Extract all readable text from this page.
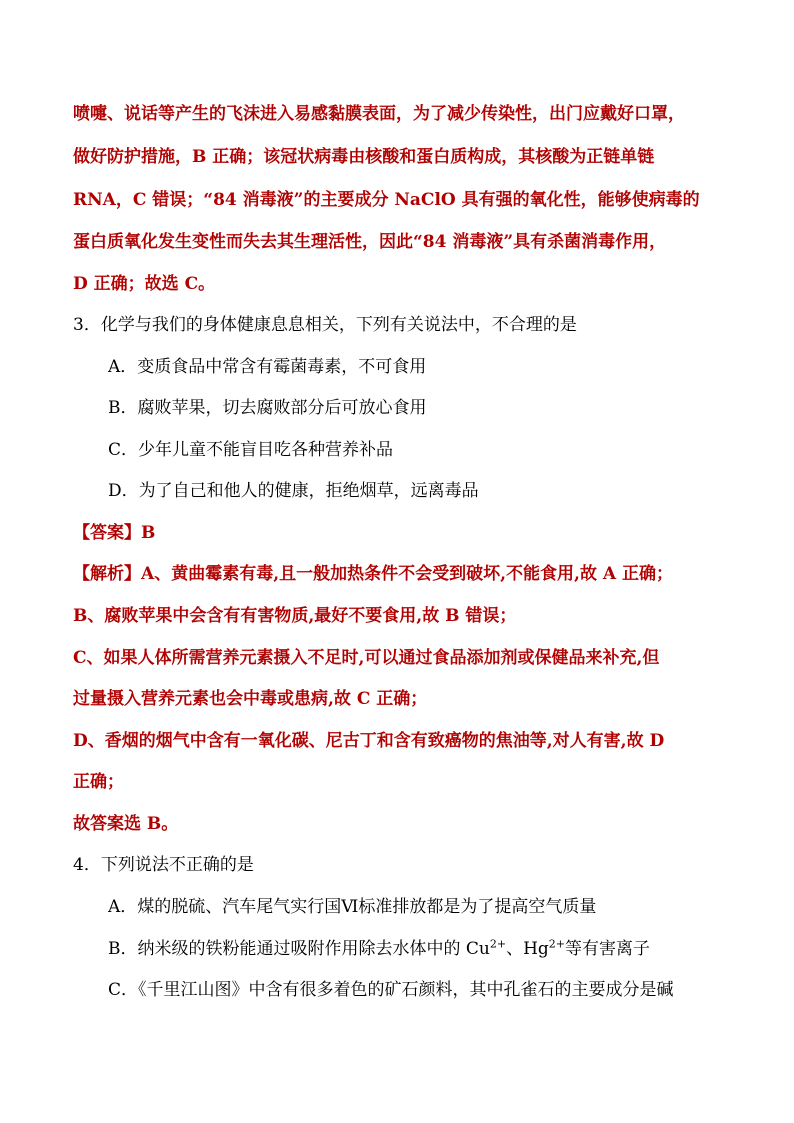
喷嚏、说话等产生的飞沫进入易感黏膜表面，为了减少传染性，出门应戴好口罩，
做好防护措施，B 正确；该冠状病毒由核酸和蛋白质构成，其核酸为正链单链
RNA，C 错误；“84 消毒液”的主要成分 NaClO 具有强的氧化性，能够使病毒的
蛋白质氧化发生变性而失去其生理活性，因此“84 消毒液”具有杀菌消毒作用，
D 正确；故选 C。
3．化学与我们的身体健康息息相关，下列有关说法中，不合理的是
A．变质食品中常含有霉菌毒素，不可食用
B．腐败苹果，切去腐败部分后可放心食用
C．少年儿童不能盲目吃各种营养补品
D．为了自己和他人的健康，拒绝烟草，远离毒品
【答案】B
【解析】A、黄曲霉素有毒,且一般加热条件不会受到破坏,不能食用,故 A 正确；
B、腐败苹果中会含有有害物质,最好不要食用,故 B 错误；
C、如果人体所需营养元素摄入不足时,可以通过食品添加剂或保健品来补充,但
过量摄入营养元素也会中毒或患病,故 C 正确；
D、香烟的烟气中含有一氧化碳、尼古丁和含有致癌物的焦油等,对人有害,故 D
正确；
故答案选 B。
4．下列说法不正确的是
A．煤的脱硫、汽车尾气实行国Ⅵ标准排放都是为了提高空气质量
B．纳米级的铁粉能通过吸附作用除去水体中的 $Cu^{2+}$、$Hg^{2+}$等有害离子
C．《千里江山图》中含有很多着色的矿石颜料，其中孔雀石的主要成分是碱
